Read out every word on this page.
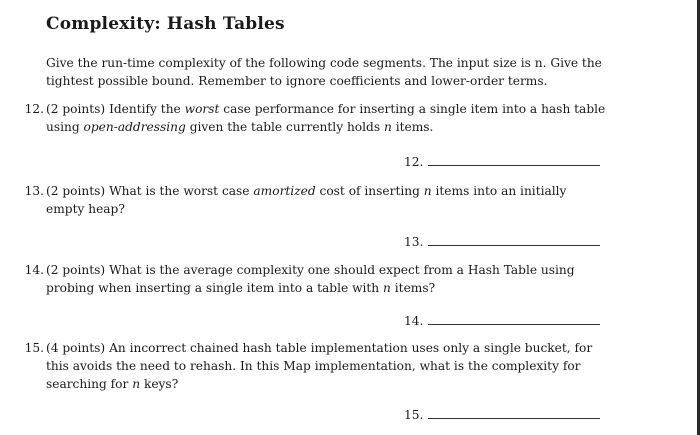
Complexity: Hash Tables
Give the run-time complexity of the following code segments. The input size is n. Give the tightest possible bound. Remember to ignore coefficients and lower-order terms.
12. (2 points) Identify the worst case performance for inserting a single item into a hash table using open-addressing given the table currently holds n items.
12.
13. (2 points) What is the worst case amortized cost of inserting n items into an initially empty heap?
13.
14. (2 points) What is the average complexity one should expect from a Hash Table using probing when inserting a single item into a table with n items?
14.
15. (4 points) An incorrect chained hash table implementation uses only a single bucket, for this avoids the need to rehash. In this Map implementation, what is the complexity for searching for n keys?
15.
